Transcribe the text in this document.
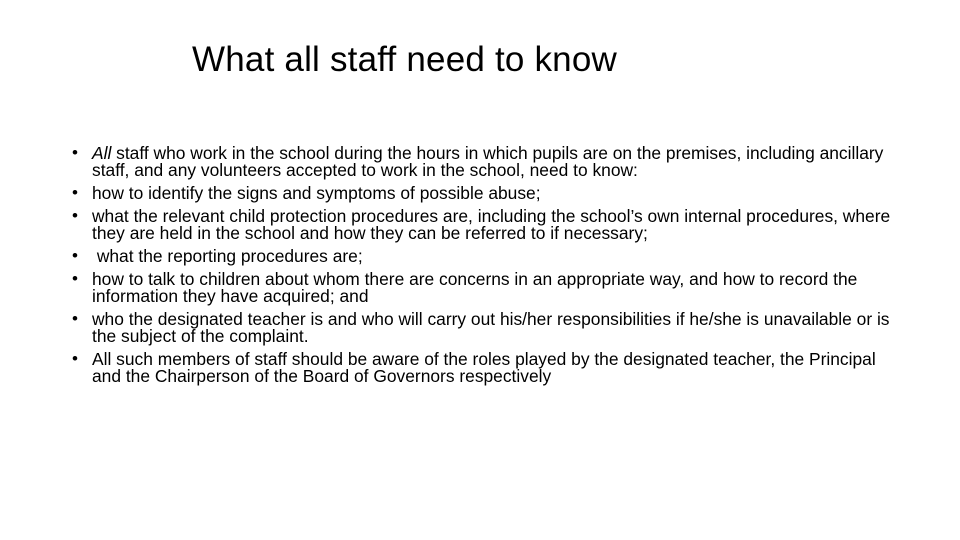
What all staff need to know
• All staff who work in the school during the hours in which pupils are on the premises, including ancillary staff, and any volunteers accepted to work in the school, need to know:
• how to identify the signs and symptoms of possible abuse;
• what the relevant child protection procedures are, including the school’s own internal procedures, where they are held in the school and how they can be referred to if necessary;
• what the reporting procedures are;
• how to talk to children about whom there are concerns in an appropriate way, and how to record the information they have acquired; and
• who the designated teacher is and who will carry out his/her responsibilities if he/she is unavailable or is the subject of the complaint.
• All such members of staff should be aware of the roles played by the designated teacher, the Principal and the Chairperson of the Board of Governors respectively
